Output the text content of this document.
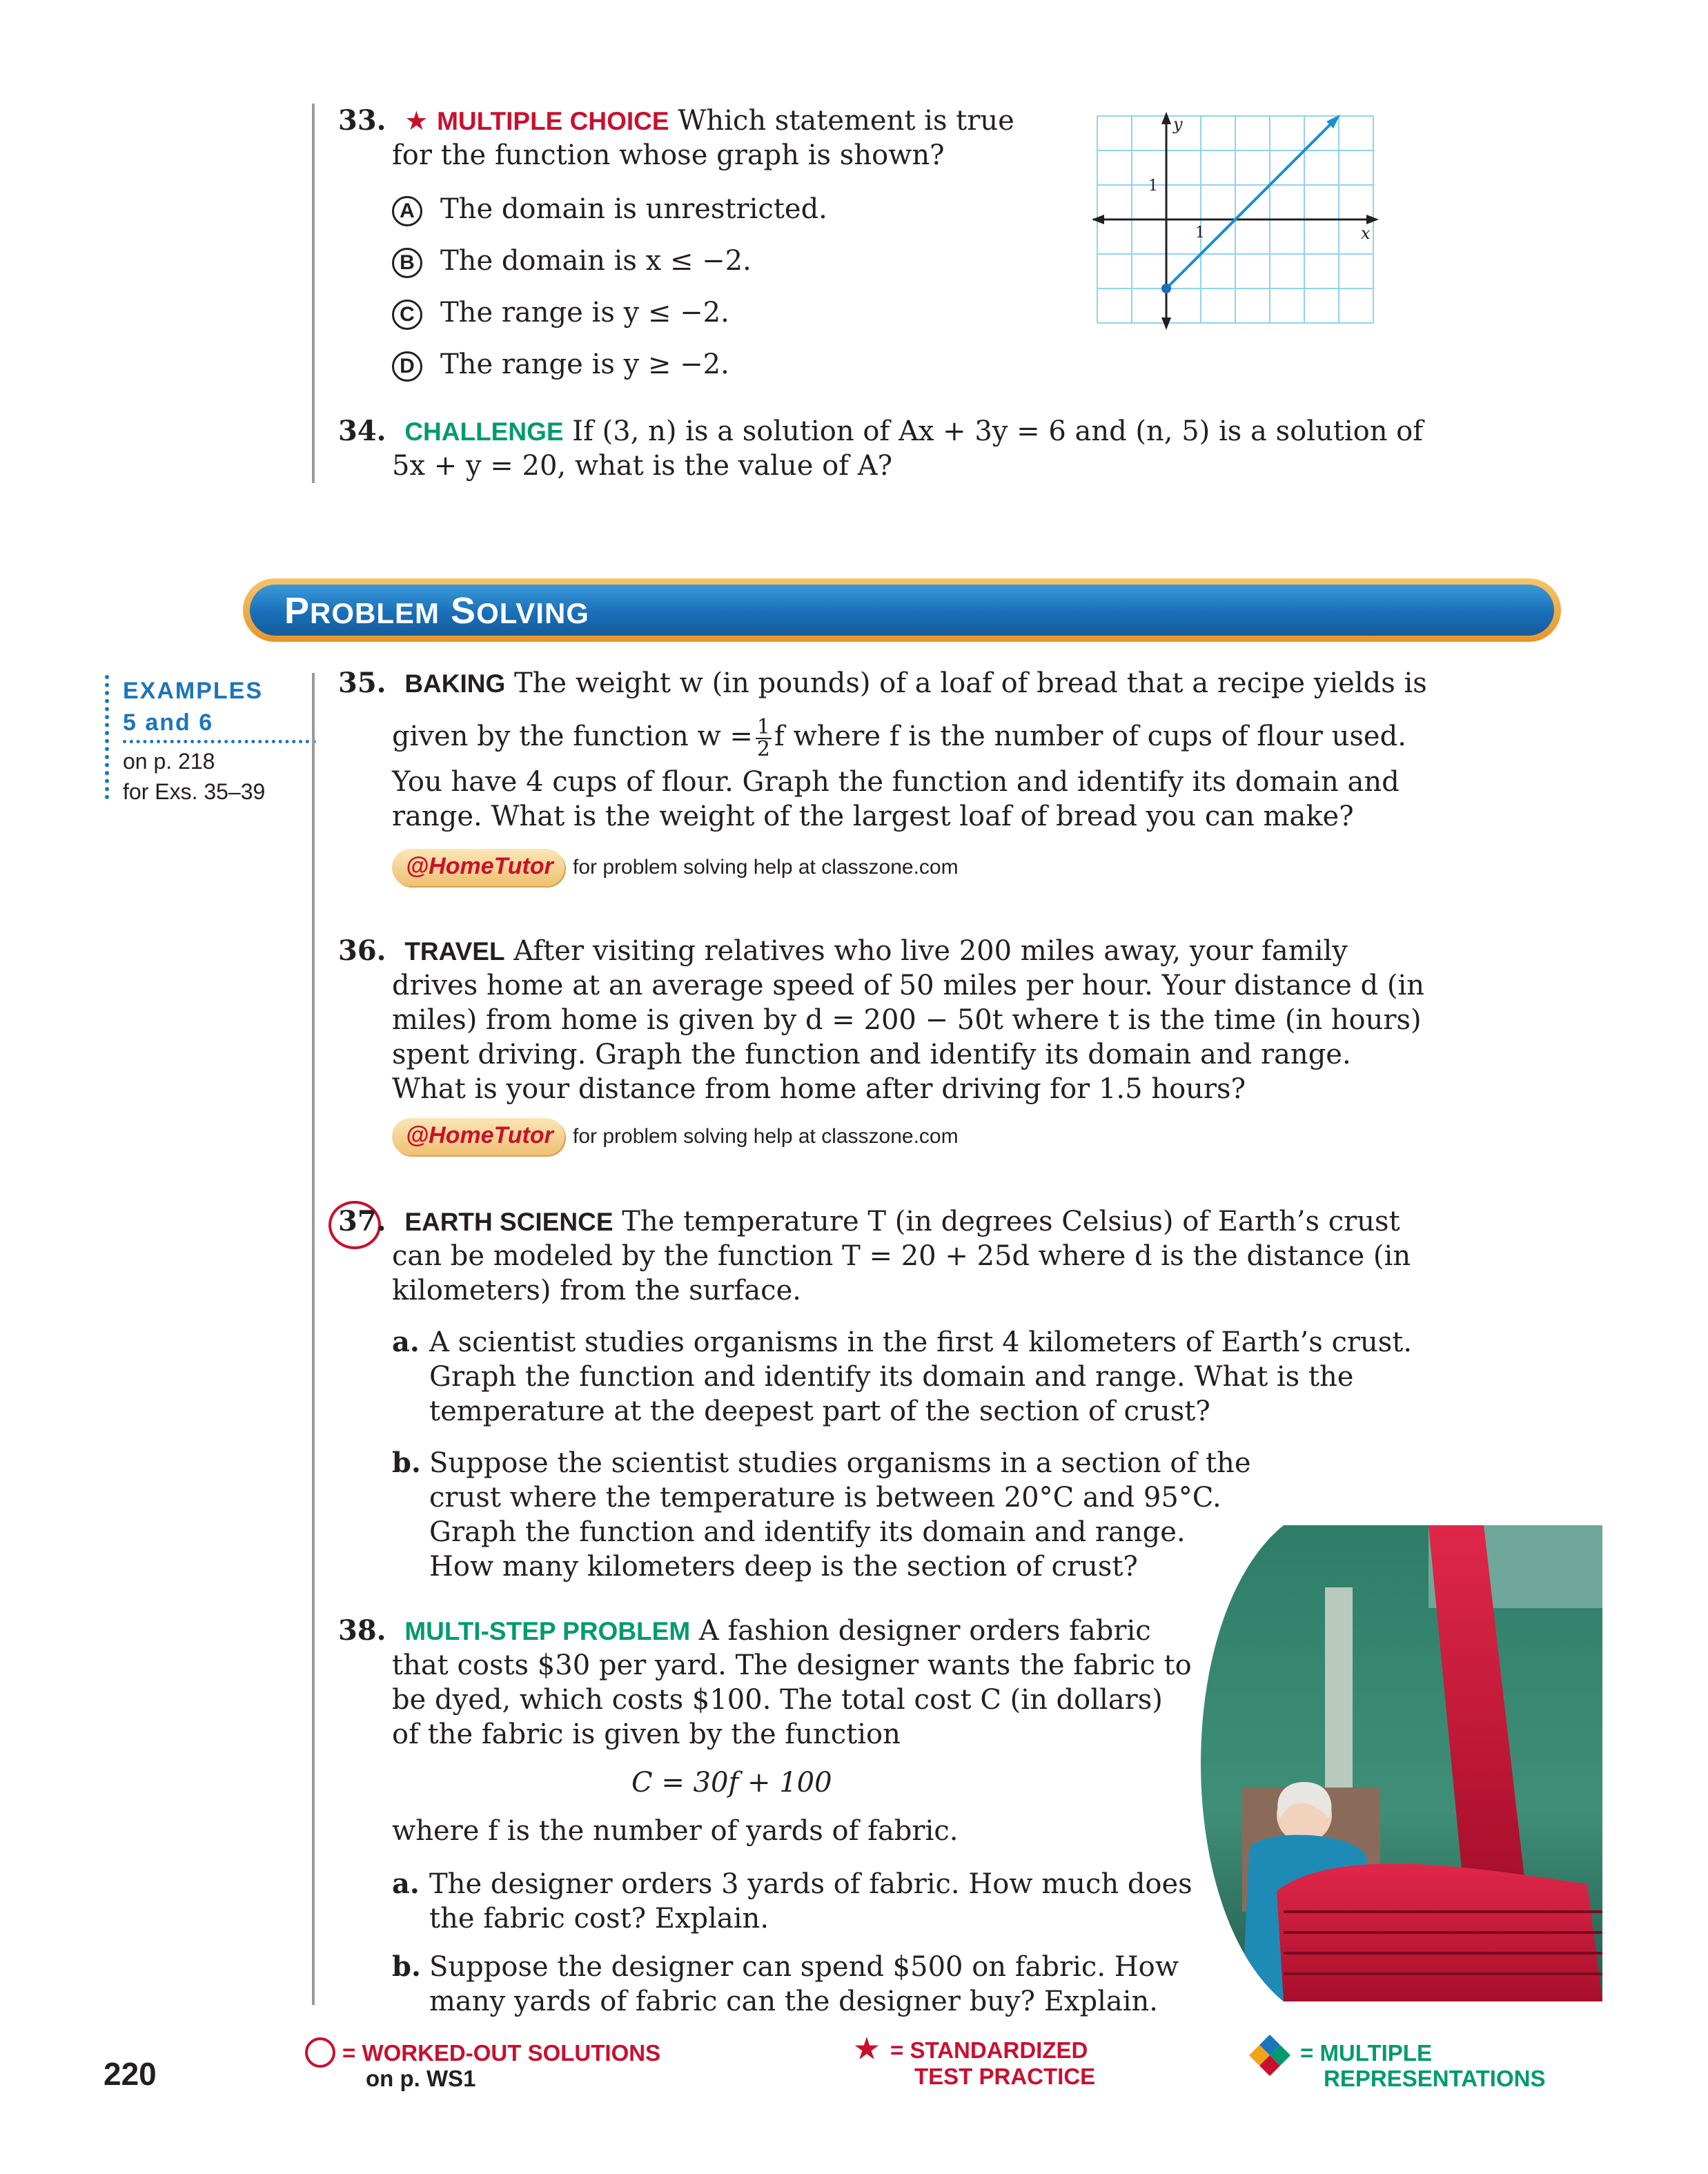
33. ★ MULTIPLE CHOICE Which statement is true
for the function whose graph is shown?
A The domain is unrestricted.
B The domain is x ≤ −2.
C The range is y ≤ −2.
D The range is y ≥ −2.
y
x
1
1
34. CHALLENGE If (3, n) is a solution of Ax + 3y = 6 and (n, 5) is a solution of
5x + y = 20, what is the value of A?
PROBLEM SOLVING
EXAMPLES
5 and 6
on p. 218
for Exs. 35–39
35. BAKING The weight w (in pounds) of a loaf of bread that a recipe yields is
given by the function $w = \frac{1}{2}$ f where f is the number of cups of flour used.
You have 4 cups of flour. Graph the function and identify its domain and
range. What is the weight of the largest loaf of bread you can make?
@HomeTutor for problem solving help at classzone.com
36. TRAVEL After visiting relatives who live 200 miles away, your family
drives home at an average speed of 50 miles per hour. Your distance d (in
miles) from home is given by d = 200 − 50t where t is the time (in hours)
spent driving. Graph the function and identify its domain and range.
What is your distance from home after driving for 1.5 hours?
@HomeTutor for problem solving help at classzone.com
37. EARTH SCIENCE The temperature T (in degrees Celsius) of Earth’s crust
can be modeled by the function T = 20 + 25d where d is the distance (in
kilometers) from the surface.
a. A scientist studies organisms in the first 4 kilometers of Earth’s crust.
Graph the function and identify its domain and range. What is the
temperature at the deepest part of the section of crust?
b. Suppose the scientist studies organisms in a section of the
crust where the temperature is between 20°C and 95°C.
Graph the function and identify its domain and range.
How many kilometers deep is the section of crust?
38. MULTI-STEP PROBLEM A fashion designer orders fabric
that costs $30 per yard. The designer wants the fabric to
be dyed, which costs $100. The total cost C (in dollars)
of the fabric is given by the function
C = 30f + 100
where f is the number of yards of fabric.
a. The designer orders 3 yards of fabric. How much does
the fabric cost? Explain.
b. Suppose the designer can spend $500 on fabric. How
many yards of fabric can the designer buy? Explain.
220
= WORKED-OUT SOLUTIONS
on p. WS1
★ = STANDARDIZED
TEST PRACTICE
= MULTIPLE
REPRESENTATIONS
